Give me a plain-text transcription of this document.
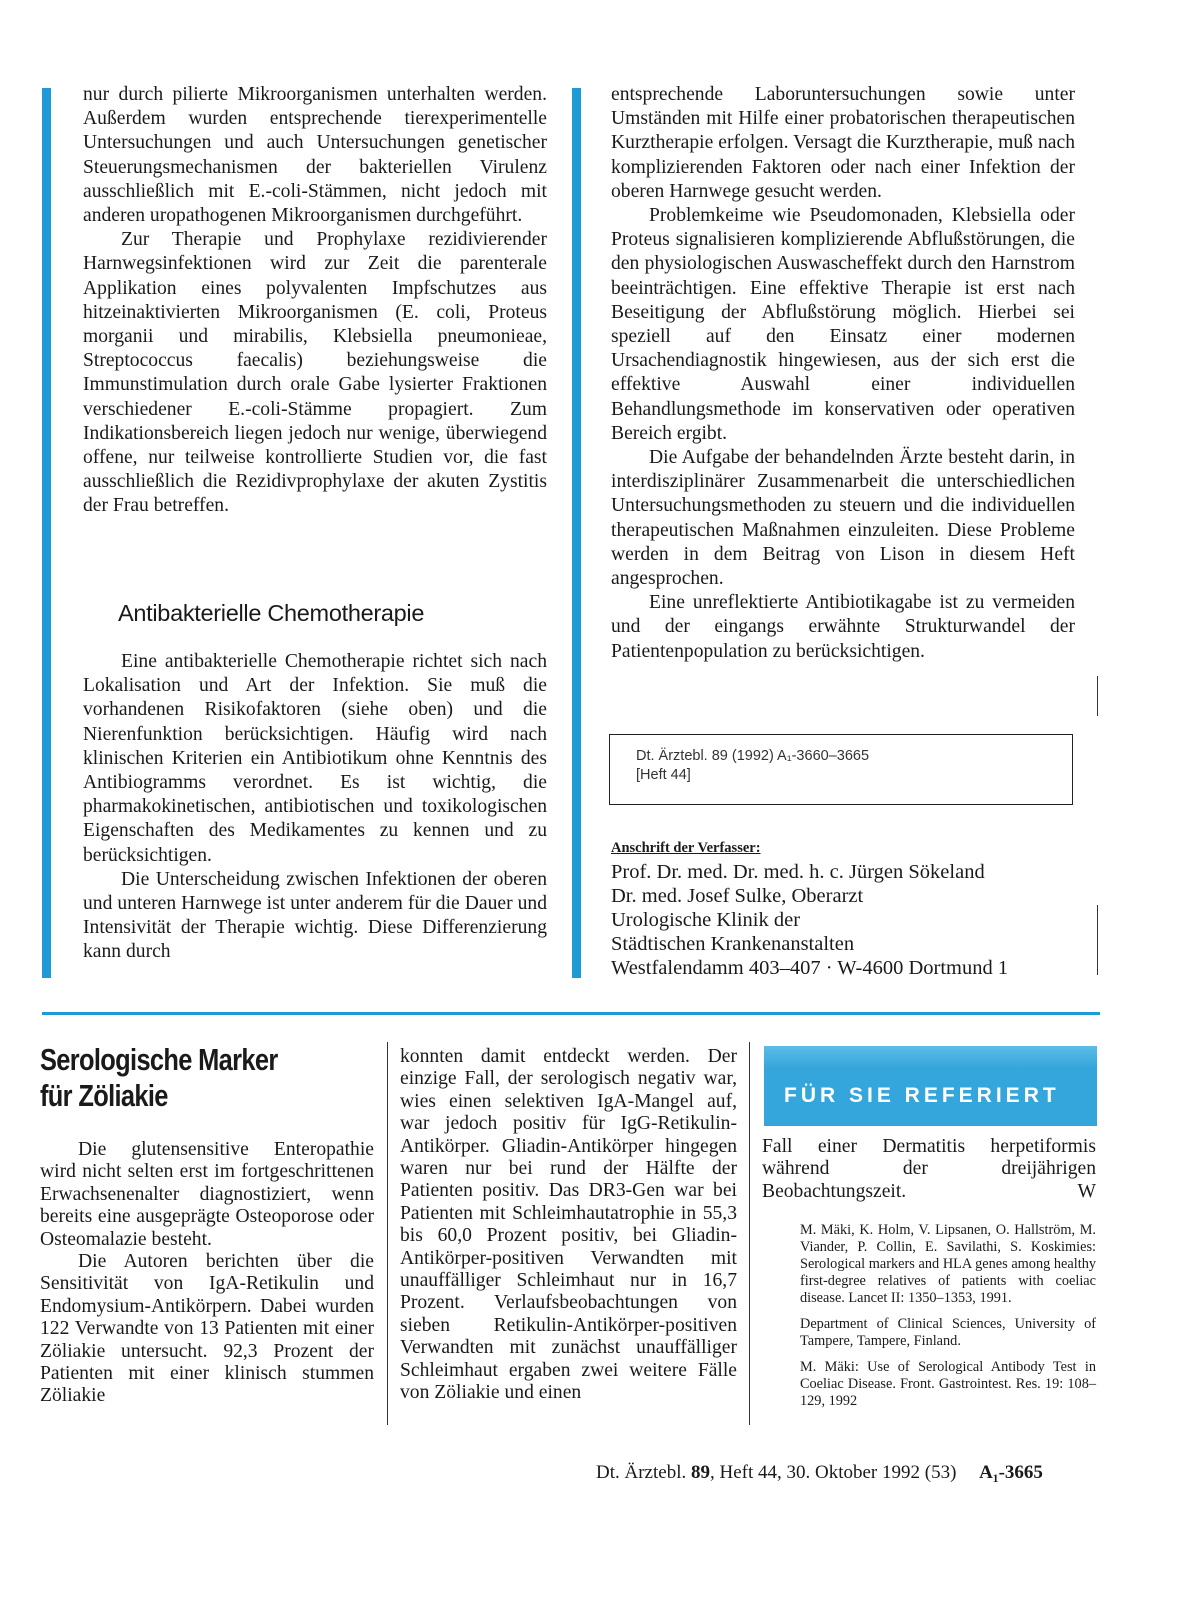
nur durch pilierte Mikroorganismen unterhalten werden. Außerdem wurden entsprechende tierexperimentelle Untersuchungen und auch Untersuchungen genetischer Steuerungsmechanismen der bakteriellen Virulenz ausschließlich mit E.-coli-Stämmen, nicht jedoch mit anderen uropathogenen Mikroorganismen durchgeführt.

Zur Therapie und Prophylaxe rezidivierender Harnwegsinfektionen wird zur Zeit die parenterale Applikation eines polyvalenten Impfschutzes aus hitzeinaktivierten Mikroorganismen (E. coli, Proteus morganii und mirabilis, Klebsiella pneumonieae, Streptococcus faecalis) beziehungsweise die Immunstimulation durch orale Gabe lysierter Fraktionen verschiedener E.-coli-Stämme propagiert. Zum Indikationsbereich liegen jedoch nur wenige, überwiegend offene, nur teilweise kontrollierte Studien vor, die fast ausschließlich die Rezidivprophylaxe der akuten Zystitis der Frau betreffen.

Antibakterielle Chemotherapie

Eine antibakterielle Chemotherapie richtet sich nach Lokalisation und Art der Infektion. Sie muß die vorhandenen Risikofaktoren (siehe oben) und die Nierenfunktion berücksichtigen. Häufig wird nach klinischen Kriterien ein Antibiotikum ohne Kenntnis des Antibiogramms verordnet. Es ist wichtig, die pharmakokinetischen, antibiotischen und toxikologischen Eigenschaften des Medikamentes zu kennen und zu berücksichtigen.

Die Unterscheidung zwischen Infektionen der oberen und unteren Harnwege ist unter anderem für die Dauer und Intensivität der Therapie wichtig. Diese Differenzierung kann durch

entsprechende Laboruntersuchungen sowie unter Umständen mit Hilfe einer probatorischen therapeutischen Kurztherapie erfolgen. Versagt die Kurztherapie, muß nach komplizierenden Faktoren oder nach einer Infektion der oberen Harnwege gesucht werden.

Problemkeime wie Pseudomonaden, Klebsiella oder Proteus signalisieren komplizierende Abflußstörungen, die den physiologischen Auswascheffekt durch den Harnstrom beeinträchtigen. Eine effektive Therapie ist erst nach Beseitigung der Abflußstörung möglich. Hierbei sei speziell auf den Einsatz einer modernen Ursachendiagnostik hingewiesen, aus der sich erst die effektive Auswahl einer individuellen Behandlungsmethode im konservativen oder operativen Bereich ergibt.

Die Aufgabe der behandelnden Ärzte besteht darin, in interdisziplinärer Zusammenarbeit die unterschiedlichen Untersuchungsmethoden zu steuern und die individuellen therapeutischen Maßnahmen einzuleiten. Diese Probleme werden in dem Beitrag von Lison in diesem Heft angesprochen.

Eine unreflektierte Antibiotikagabe ist zu vermeiden und der eingangs erwähnte Strukturwandel der Patientenpopulation zu berücksichtigen.

Dt. Ärztebl. 89 (1992) A₁-3660–3665
[Heft 44]
Anschrift der Verfasser:
Prof. Dr. med. Dr. med. h. c. Jürgen Sökeland
Dr. med. Josef Sulke, Oberarzt
Urologische Klinik der
Städtischen Krankenanstalten
Westfalendamm 403–407 · W-4600 Dortmund 1
Serologische Marker
für Zöliakie

Die glutensensitive Enteropathie wird nicht selten erst im fortgeschrittenen Erwachsenenalter diagnostiziert, wenn bereits eine ausgeprägte Osteoporose oder Osteomalazie besteht.

Die Autoren berichten über die Sensitivität von IgA-Retikulin und Endomysium-Antikörpern. Dabei wurden 122 Verwandte von 13 Patienten mit einer Zöliakie untersucht. 92,3 Prozent der Patienten mit einer klinisch stummen Zöliakie

konnten damit entdeckt werden. Der einzige Fall, der serologisch negativ war, wies einen selektiven IgA-Mangel auf, war jedoch positiv für IgG-Retikulin-Antikörper. Gliadin-Antikörper hingegen waren nur bei rund der Hälfte der Patienten positiv. Das DR3-Gen war bei Patienten mit Schleimhautatrophie in 55,3 bis 60,0 Prozent positiv, bei Gliadin-Antikörper-positiven Verwandten mit unauffälliger Schleimhaut nur in 16,7 Prozent. Verlaufsbeobachtungen von sieben Retikulin-Antikörper-positiven Verwandten mit zunächst unauffälliger Schleimhaut ergaben zwei weitere Fälle von Zöliakie und einen

FÜR SIE REFERIERT

Fall einer Dermatitis herpetiformis während der dreijährigen Beobachtungszeit.	W

M. Mäki, K. Holm, V. Lipsanen, O. Hallström, M. Viander, P. Collin, E. Savilathi, S. Koskimies: Serological markers and HLA genes among healthy first-degree relatives of patients with coeliac disease. Lancet II: 1350–1353, 1991.

Department of Clinical Sciences, University of Tampere, Tampere, Finland.

M. Mäki: Use of Serological Antibody Test in Coeliac Disease. Front. Gastrointest. Res. 19: 108–129, 1992

Dt. Ärztebl. 89, Heft 44, 30. Oktober 1992 (53) A₁-3665
